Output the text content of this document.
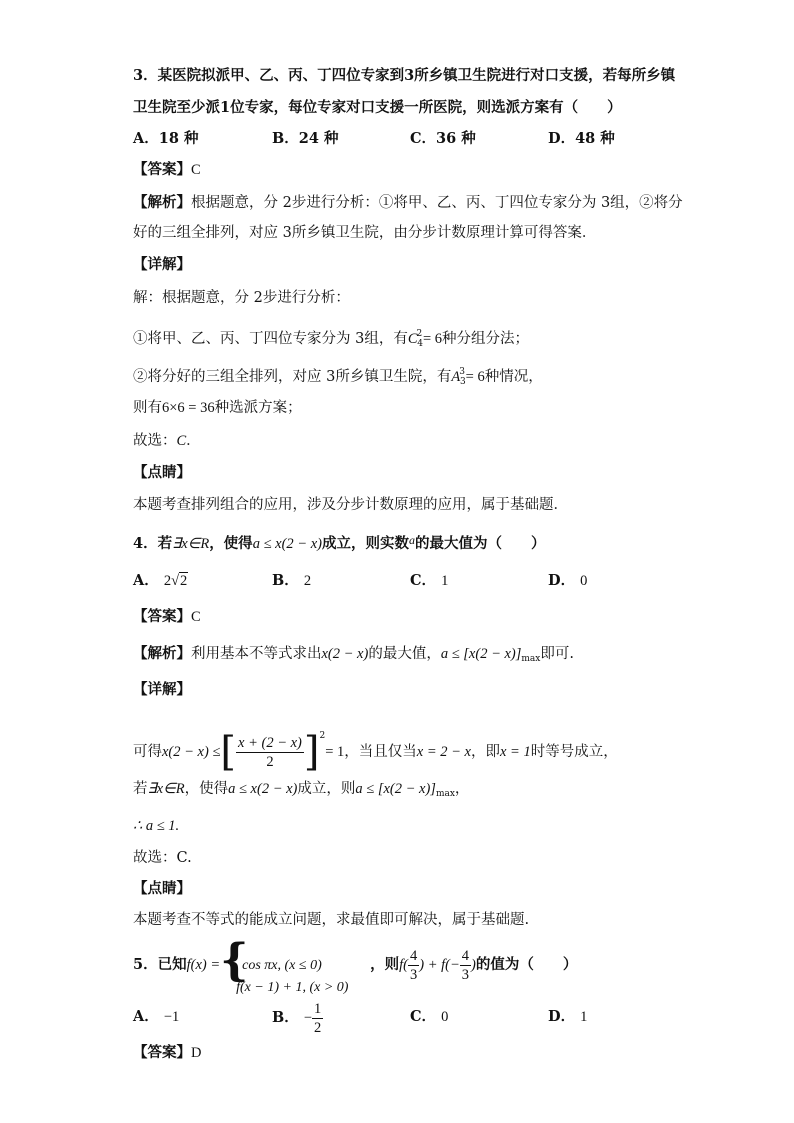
3．某医院拟派甲、乙、丙、丁四位专家到3所乡镇卫生院进行对口支援，若每所乡镇
卫生院至少派1位专家，每位专家对口支援一所医院，则选派方案有（　　）
A．18 种	B．24 种	C．36 种	D．48 种
【答案】C
【解析】根据题意，分 2步进行分析：①将甲、乙、丙、丁四位专家分为 3组，②将分
好的三组全排列，对应 3所乡镇卫生院，由分步计数原理计算可得答案．
【详解】
解：根据题意，分 2步进行分析：
①将甲、乙、丙、丁四位专家分为 3组，有$C^2_4= 6$种分组分法；
②将分好的三组全排列，对应 3所乡镇卫生院，有$A^3_3= 6$种情况，
则有6×6 = 36种选派方案；
故选：C．
【点睛】
本题考查排列组合的应用，涉及分步计数原理的应用，属于基础题．
4．若∃x∈R，使得a ≤ x(2 − x)成立，则实数$^a$的最大值为（　　）
A． 2√2	B． 2	C． 1	D． 0
【答案】C
【解析】利用基本不等式求出x(2 − x)的最大值，$a \le [x(2 - x)]_{max}$即可.
【详解】
可得x(2 − x) ≤[ $\frac{x + (2 - x)}{2} ]^2= 1$，当且仅当x = 2 − x，即x = 1时等号成立，
若∃x∈R，使得a ≤ x(2 − x)成立，则$a \le [x(2 - x)]_{max}$，
∴ a ≤ 1.
故选：C.
【点睛】
本题考查不等式的能成立问题，求最值即可解决，属于基础题.
5．已知f(x) = {
cos πx, (x ≤ 0)
f(x − 1) + 1, (x > 0)
，则$f( \frac{4}{3}$ ) + $f(- \frac{4}{3}$ )的值为（　　）
A． −1	B． − $\frac{1}{2}$	C． 0	D． 1
【答案】D
